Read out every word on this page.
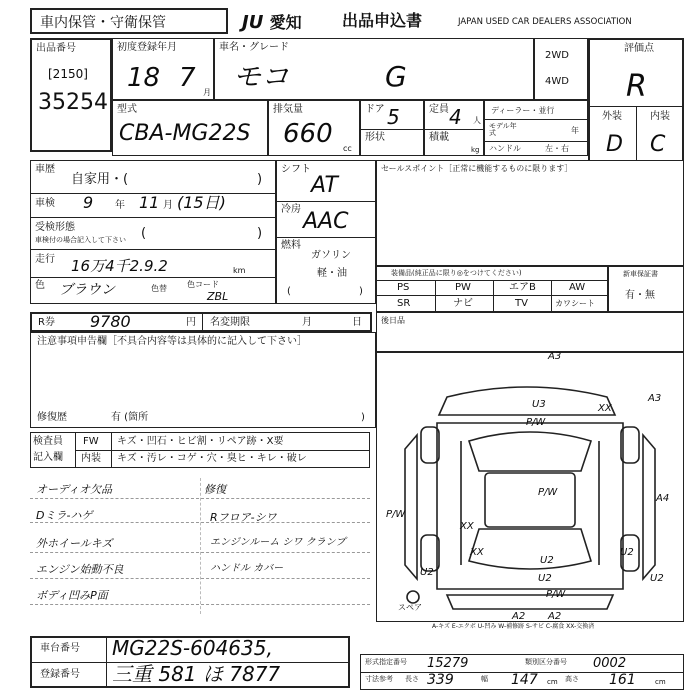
車内保管・守衛保管	JU 愛知	出品申込書	JAPAN USED CAR DEALERS ASSOCIATION
出品番号
[2150]
35254
初度登録年月
18 7 月
車名・グレード
モコ	G
2WD
4WD
評価点
R
外装	内装
D C
型式
CBA-MG22S
排気量
660 cc
ドア 5
形状
定員 4 人
積載
kg
ディーラー・並行
モデル年式	年
ハンドル	左・右
車歴
自家用・(	)
車検 9 年 11 月 (15日)
受検形態
車検付の場合記入して下さい (	)
走行 16万4千2.9.2	km
色 ブラウン	色替	色コード
ZBL
シフト
AT
冷房 AAC
燃料
ガソリン
軽・油
(	)
セールスポイント［正常に機能するものに限ります］
装備品(純正品に限り◎をつけてください)
PS	PW	エアB	AW
SR	ナビ	TV	カワシート
新車保証書
有・無
R券 9780	円 名変期限	月	日 後日品
注意事項申告欄［不具合内容等は具体的に記入して下さい］
修復歴	有 (箇所	)
検査員
記入欄
FW キズ・凹石・ヒビ割・リペア跡・X要
内装 キズ・汚レ・コゲ・穴・臭ヒ・キレ・破レ
オーディオ欠品
Dミラ-ハゲ
外ホイールキズ
エンジン始動不良
ボディ凹みP面
修復
Rフロア-シワ
エンジンルーム シワ クランプ
ハンドル カバー
A3
U3
P/W
XX
A3
A4
P/W
P/W
XX
U2
U2	U2
A2 A2
XX
P/W
U2
U2
スペア
A-キズ E-エクボ U-凹み W-補修跡 S-サビ C-腐食 XX-交換済
車台番号 MG22S-604635,
登録番号 三重 581 ほ 7877	形式指定番号 15279	類別区分番号 0002
寸法参考 長さ 339	幅 147 cm 高さ 161	cm
